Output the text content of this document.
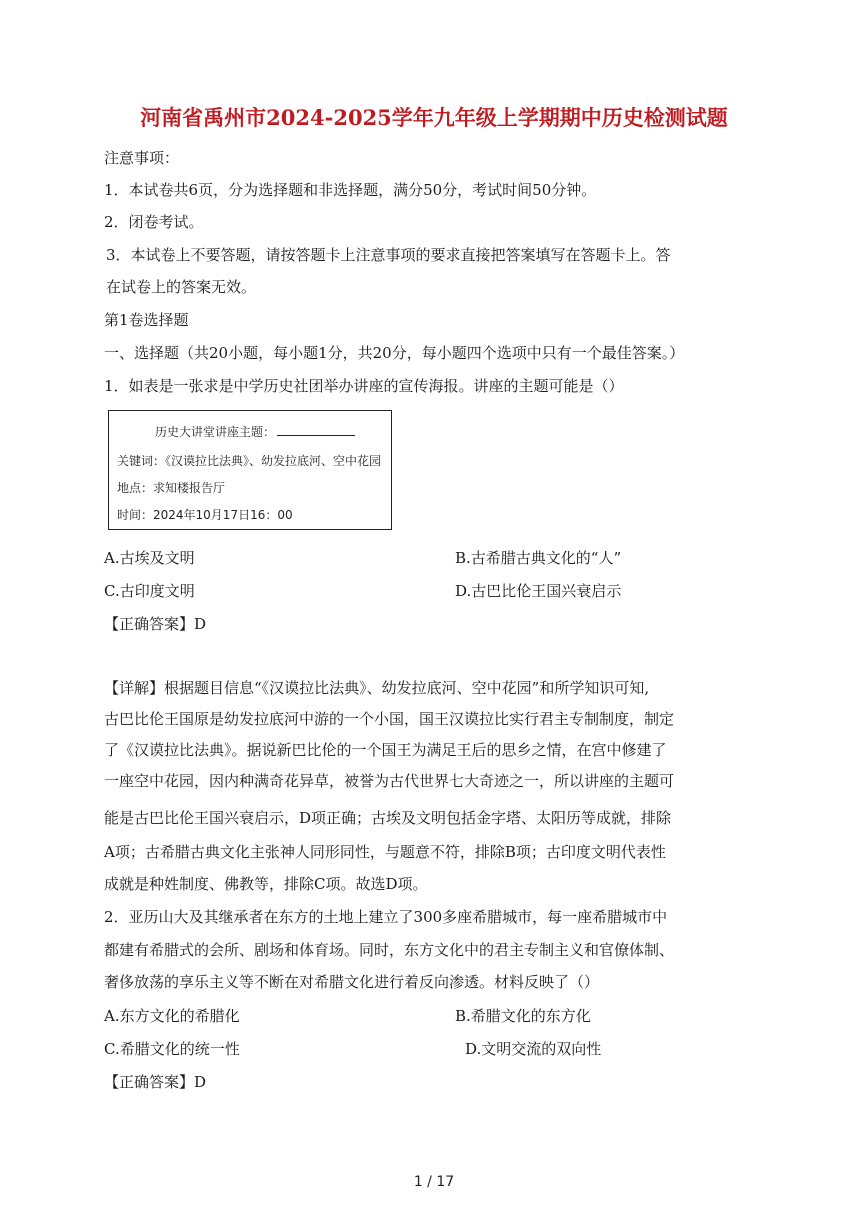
河南省禹州市2024-2025学年九年级上学期期中历史检测试题
注意事项：
1．本试卷共6页，分为选择题和非选择题，满分50分，考试时间50分钟。
2．闭卷考试。
3．本试卷上不要答题，请按答题卡上注意事项的要求直接把答案填写在答题卡上。答
在试卷上的答案无效。
第1卷选择题
一、选择题（共20小题，每小题1分，共20分，每小题四个选项中只有一个最佳答案。）
1．如表是一张求是中学历史社团举办讲座的宣传海报。讲座的主题可能是（）
历史大讲堂讲座主题：
关键词：《汉谟拉比法典》、幼发拉底河、空中花园
地点：求知楼报告厅
时间：2024年10月17日16：00
A.古埃及文明	B.古希腊古典文化的“人”
C.古印度文明	D.古巴比伦王国兴衰启示
【正确答案】D
【详解】根据题目信息“《汉谟拉比法典》、幼发拉底河、空中花园”和所学知识可知,
古巴比伦王国原是幼发拉底河中游的一个小国，国王汉谟拉比实行君主专制制度，制定
了《汉谟拉比法典》。据说新巴比伦的一个国王为满足王后的思乡之情，在宫中修建了
一座空中花园，因内种满奇花异草，被誉为古代世界七大奇迹之一，所以讲座的主题可
能是古巴比伦王国兴衰启示，D项正确；古埃及文明包括金字塔、太阳历等成就，排除
A项；古希腊古典文化主张神人同形同性，与题意不符，排除B项；古印度文明代表性
成就是种姓制度、佛教等，排除C项。故选D项。
2．亚历山大及其继承者在东方的土地上建立了300多座希腊城市，每一座希腊城市中
都建有希腊式的会所、剧场和体育场。同时，东方文化中的君主专制主义和官僚体制、
奢侈放荡的享乐主义等不断在对希腊文化进行着反向渗透。材料反映了（）
A.东方文化的希腊化	B.希腊文化的东方化
C.希腊文化的统一性	D.文明交流的双向性
【正确答案】D
1 / 17
